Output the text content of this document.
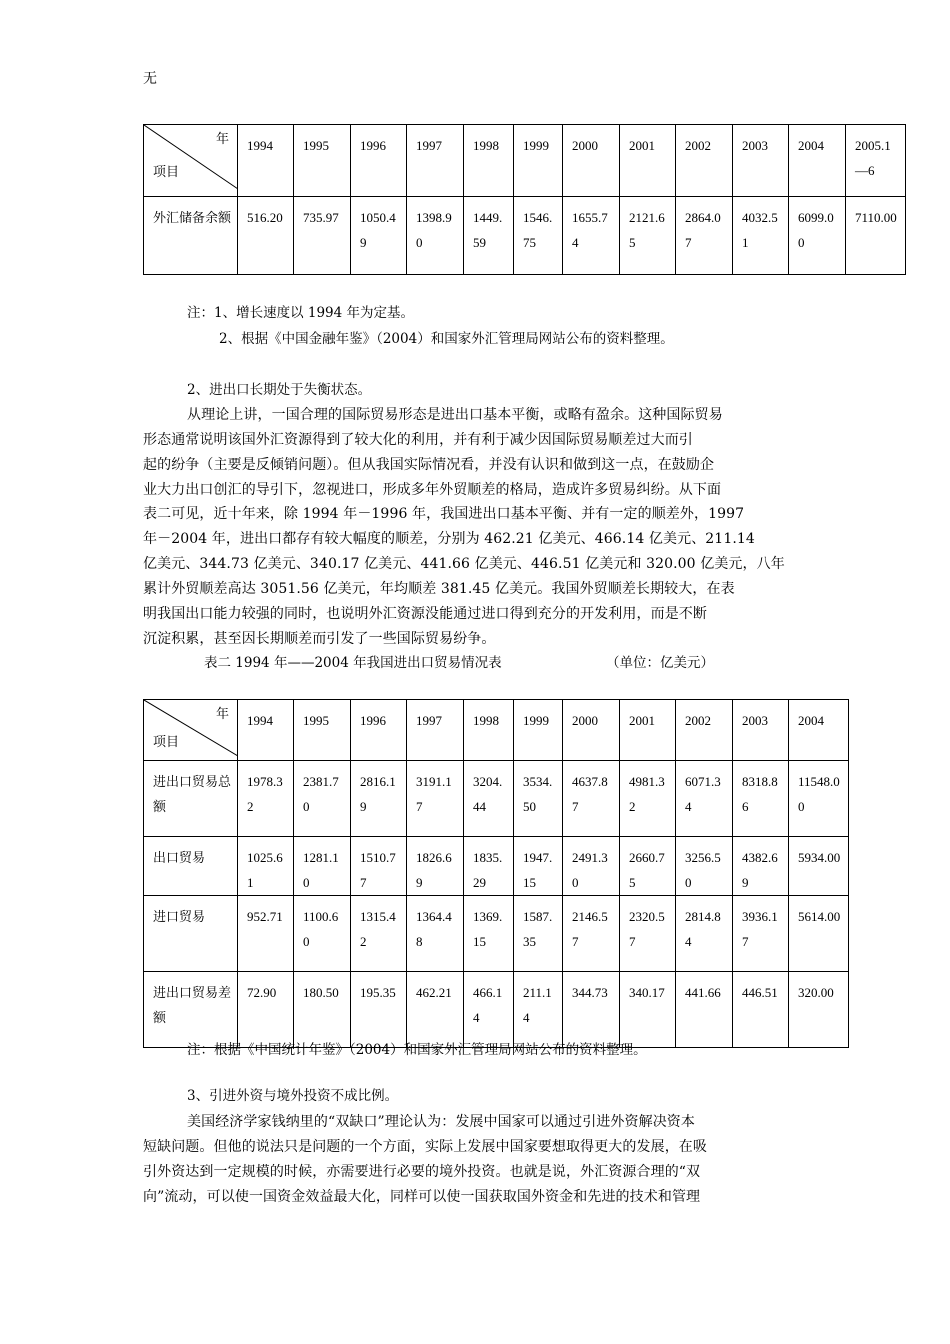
无
年
项目	1994	1995	1996	1997	1998	1999	2000	2001	2002	2003	2004	2005.1—6
外汇储备余额	516.20	735.97	1050.49	1398.90	1449.59	1546.75	1655.74	2121.65	2864.07	4032.51	6099.00	7110.00

注：1、增长速度以 1994 年为定基。

2、根据《中国金融年鉴》（2004）和国家外汇管理局网站公布的资料整理。

2、进出口长期处于失衡状态。

从理论上讲，一国合理的国际贸易形态是进出口基本平衡，或略有盈余。这种国际贸易

形态通常说明该国外汇资源得到了较大化的利用，并有利于减少因国际贸易顺差过大而引

起的纷争（主要是反倾销问题）。但从我国实际情况看，并没有认识和做到这一点，在鼓励企

业大力出口创汇的导引下，忽视进口，形成多年外贸顺差的格局，造成许多贸易纠纷。从下面

表二可见，近十年来，除 1994 年－1996 年，我国进出口基本平衡、并有一定的顺差外，1997

年－2004 年，进出口都存有较大幅度的顺差，分别为 462.21 亿美元、466.14 亿美元、211.14

亿美元、344.73 亿美元、340.17 亿美元、441.66 亿美元、446.51 亿美元和 320.00 亿美元，八年

累计外贸顺差高达 3051.56 亿美元，年均顺差 381.45 亿美元。我国外贸顺差长期较大，在表

明我国出口能力较强的同时，也说明外汇资源没能通过进口得到充分的开发利用，而是不断

沉淀积累，甚至因长期顺差而引发了一些国际贸易纷争。

表二 1994 年——2004 年我国进出口贸易情况表	（单位：亿美元）

年
项目	1994	1995	1996	1997	1998	1999	2000	2001	2002	2003	2004
进出口贸易总额	1978.32	2381.70	2816.19	3191.17	3204.44	3534.50	4637.87	4981.32	6071.34	8318.86	11548.00
出口贸易	1025.61	1281.10	1510.77	1826.69	1835.29	1947.15	2491.30	2660.75	3256.50	4382.69	5934.00
进口贸易	952.71	1100.60	1315.42	1364.48	1369.15	1587.35	2146.57	2320.57	2814.84	3936.17	5614.00
进出口贸易差额	72.90	180.50	195.35	462.21	466.14	211.14	344.73	340.17	441.66	446.51	320.00

注：根据《中国统计年鉴》（2004）和国家外汇管理局网站公布的资料整理。

3、引进外资与境外投资不成比例。

美国经济学家钱纳里的“双缺口”理论认为：发展中国家可以通过引进外资解决资本

短缺问题。但他的说法只是问题的一个方面，实际上发展中国家要想取得更大的发展，在吸

引外资达到一定规模的时候，亦需要进行必要的境外投资。也就是说，外汇资源合理的“双

向”流动，可以使一国资金效益最大化，同样可以使一国获取国外资金和先进的技术和管理
